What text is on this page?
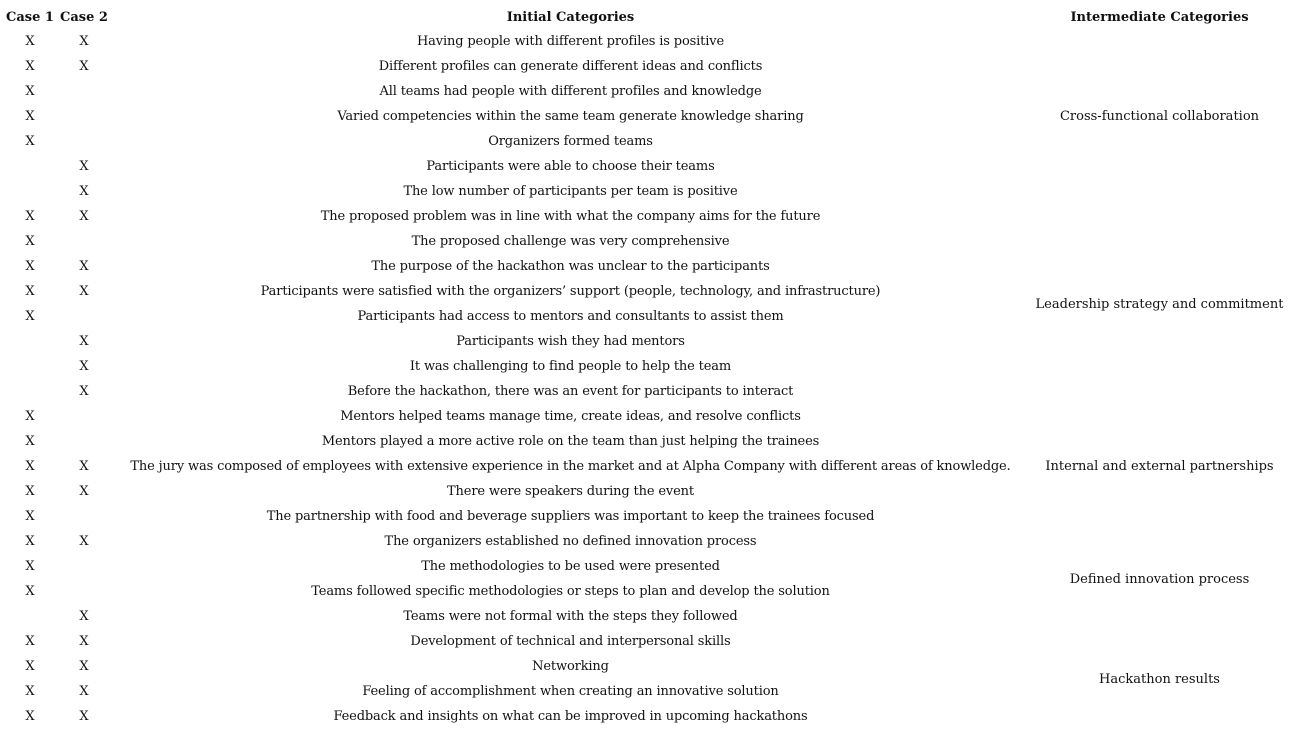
Case 1	Case 2	Initial Categories	Intermediate Categories
X	X	Having people with different profiles is positive	Cross-functional collaboration
X	X	Different profiles can generate different ideas and conflicts	
X		All teams had people with different profiles and knowledge	
X		Varied competencies within the same team generate knowledge sharing	
X		Organizers formed teams	
	X	Participants were able to choose their teams	
	X	The low number of participants per team is positive	
X	X	The proposed problem was in line with what the company aims for the future	Leadership strategy and commitment
X		The proposed challenge was very comprehensive	
X	X	The purpose of the hackathon was unclear to the participants	
X	X	Participants were satisfied with the organizers’ support (people, technology, and infrastructure)	
X		Participants had access to mentors and consultants to assist them	
	X	Participants wish they had mentors	
	X	It was challenging to find people to help the team	
	X	Before the hackathon, there was an event for participants to interact	
X		Mentors helped teams manage time, create ideas, and resolve conflicts	Internal and external partnerships
X		Mentors played a more active role on the team than just helping the trainees	
X	X	The jury was composed of employees with extensive experience in the market and at Alpha Company with different areas of knowledge.	
X	X	There were speakers during the event	
X		The partnership with food and beverage suppliers was important to keep the trainees focused	
X	X	The organizers established no defined innovation process	Defined innovation process
X		The methodologies to be used were presented	
X		Teams followed specific methodologies or steps to plan and develop the solution	
	X	Teams were not formal with the steps they followed	
X	X	Development of technical and interpersonal skills	Hackathon results
X	X	Networking	
X	X	Feeling of accomplishment when creating an innovative solution	
X	X	Feedback and insights on what can be improved in upcoming hackathons	
